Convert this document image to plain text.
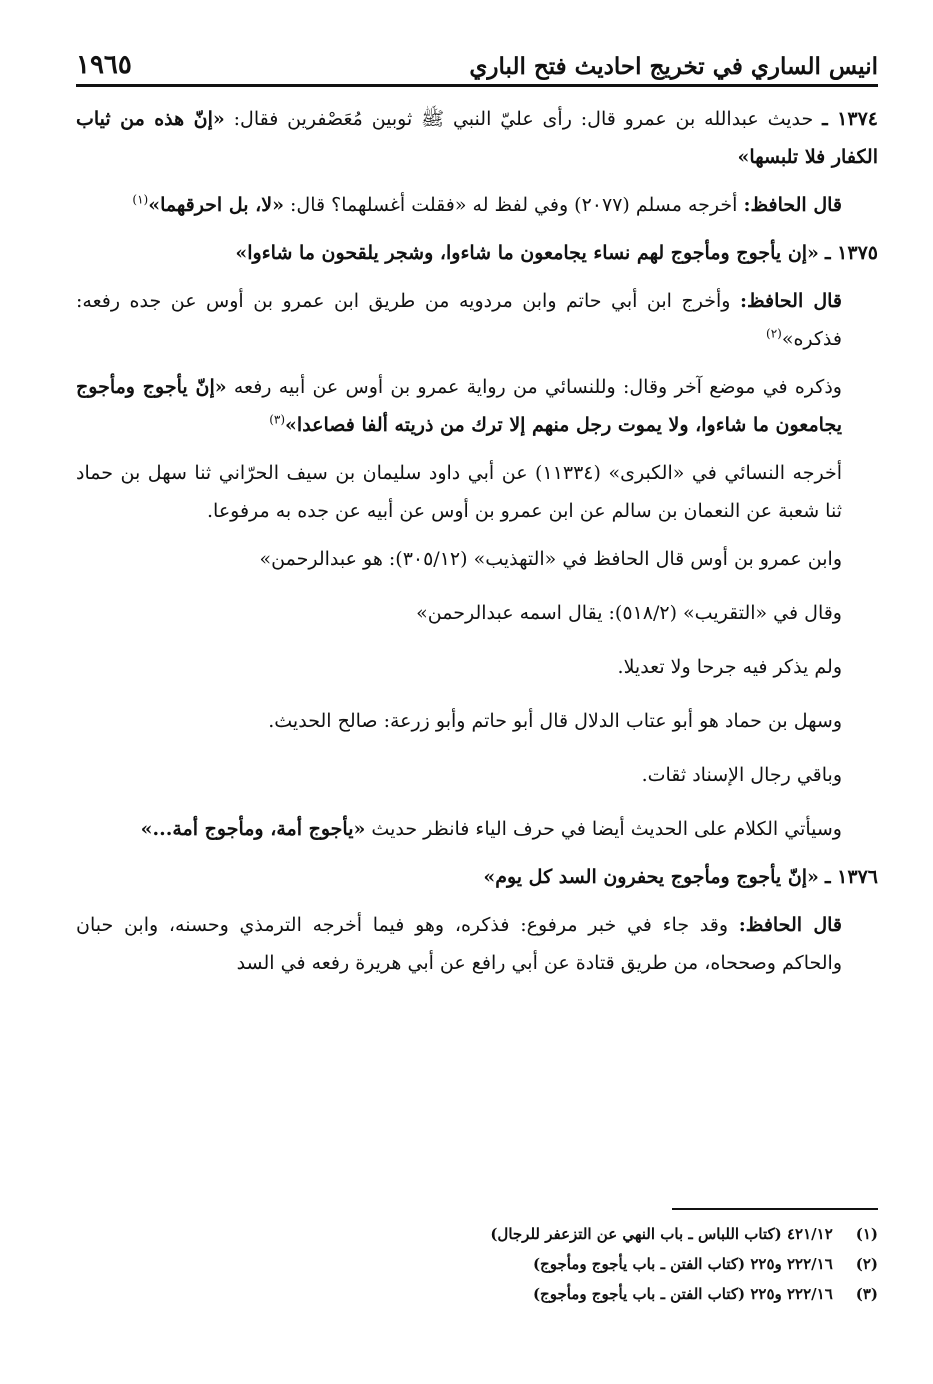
١٩٦٥	انيس الساري في تخريج احاديث فتح الباري

١٣٧٤ ـ حديث عبدالله بن عمرو قال: رأى عليّ النبي ﷺ ثوبين مُعَصْفرين فقال: «إنّ هذه من ثياب الكفار فلا تلبسها»

قال الحافظ: أخرجه مسلم (٢٠٧٧) وفي لفظ له «فقلت أغسلهما؟ قال: «لا، بل احرقهما»$^{(١)}$

١٣٧٥ ـ «إن يأجوج ومأجوج لهم نساء يجامعون ما شاءوا، وشجر يلقحون ما شاءوا»

قال الحافظ: وأخرج ابن أبي حاتم وابن مردويه من طريق ابن عمرو بن أوس عن جده رفعه: فذكره»$^{(٢)}$

وذكره في موضع آخر وقال: وللنسائي من رواية عمرو بن أوس عن أبيه رفعه «إنّ يأجوج ومأجوج يجامعون ما شاءوا، ولا يموت رجل منهم إلا ترك من ذريته ألفا فصاعدا»$^{(٣)}$

أخرجه النسائي في «الكبرى» (١١٣٣٤) عن أبي داود سليمان بن سيف الحرّاني ثنا سهل بن حماد ثنا شعبة عن النعمان بن سالم عن ابن عمرو بن أوس عن أبيه عن جده به مرفوعا.

وابن عمرو بن أوس قال الحافظ في «التهذيب» (٣٠٥/١٢): هو عبدالرحمن»

وقال في «التقريب» (٥١٨/٢): يقال اسمه عبدالرحمن»

ولم يذكر فيه جرحا ولا تعديلا.

وسهل بن حماد هو أبو عتاب الدلال قال أبو حاتم وأبو زرعة: صالح الحديث.

وباقي رجال الإسناد ثقات.

وسيأتي الكلام على الحديث أيضا في حرف الياء فانظر حديث «يأجوج أمة، ومأجوج أمة...»

١٣٧٦ ـ «إنّ يأجوج ومأجوج يحفرون السد كل يوم»

قال الحافظ: وقد جاء في خبر مرفوع: فذكره، وهو فيما أخرجه الترمذي وحسنه، وابن حبان والحاكم وصححاه، من طريق قتادة عن أبي رافع عن أبي هريرة رفعه في السد

(١) ٤٢١/١٢ (كتاب اللباس ـ باب النهي عن التزعفر للرجال)
(٢) ٢٢٢/١٦ و٢٢٥ (كتاب الفتن ـ باب يأجوج ومأجوج)
(٣) ٢٢٢/١٦ و٢٢٥ (كتاب الفتن ـ باب يأجوج ومأجوج)
